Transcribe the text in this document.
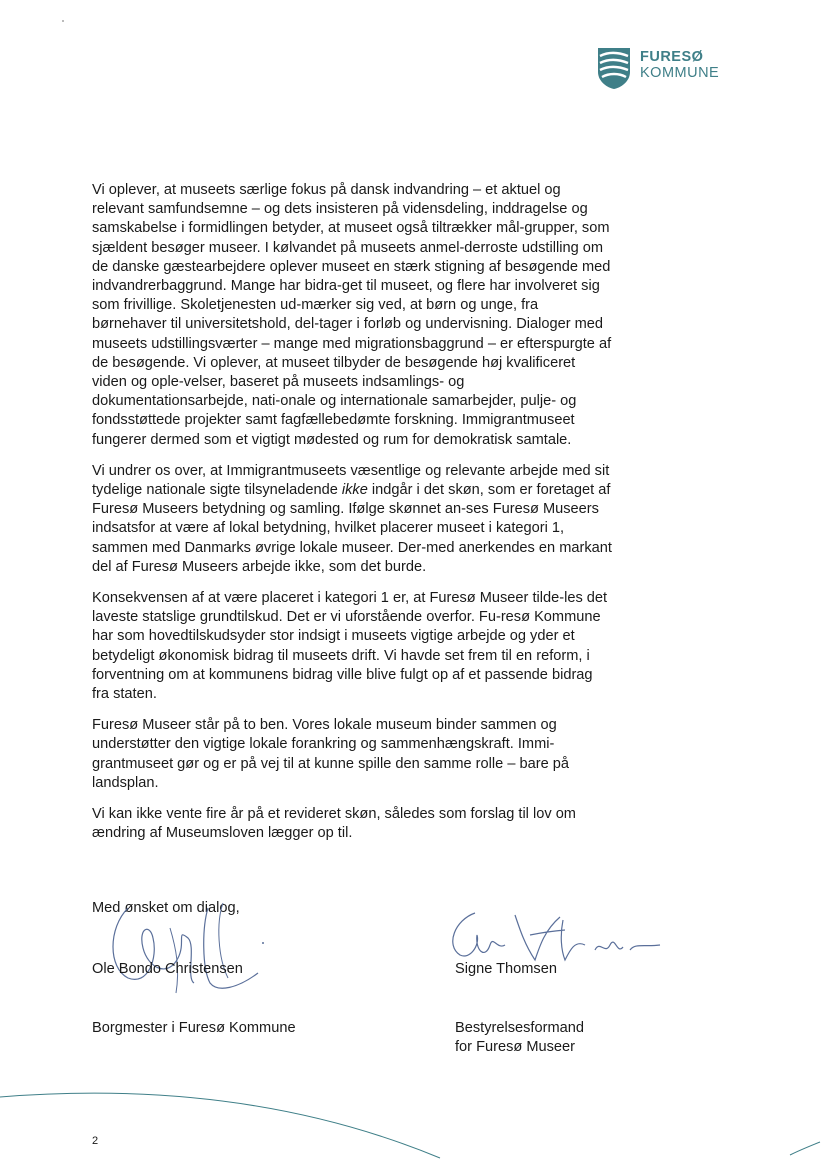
FURESØ
KOMMUNE

Vi oplever, at museets særlige fokus på dansk indvandring – et aktuel og relevant samfundsemne – og dets insisteren på vidensdeling, inddragelse og samskabelse i formidlingen betyder, at museet også tiltrækker mål-grupper, som sjældent besøger museer. I kølvandet på museets anmel-derroste udstilling om de danske gæstearbejdere oplever museet en stærk stigning af besøgende med indvandrerbaggrund. Mange har bidra-get til museet, og flere har involveret sig som frivillige. Skoletjenesten ud-mærker sig ved, at børn og unge, fra børnehaver til universitetshold, del-tager i forløb og undervisning. Dialoger med museets udstillingsværter – mange med migrationsbaggrund – er efterspurgte af de besøgende. Vi oplever, at museet tilbyder de besøgende høj kvalificeret viden og ople-velser, baseret på museets indsamlings- og dokumentationsarbejde, nati-onale og internationale samarbejder, pulje- og fondsstøttede projekter samt fagfællebedømte forskning. Immigrantmuseet fungerer dermed som et vigtigt mødested og rum for demokratisk samtale.

Vi undrer os over, at Immigrantmuseets væsentlige og relevante arbejde med sit tydelige nationale sigte tilsyneladende ikke indgår i det skøn, som er foretaget af Furesø Museers betydning og samling. Ifølge skønnet an-ses Furesø Museers indsatsfor at være af lokal betydning, hvilket placerer museet i kategori 1, sammen med Danmarks øvrige lokale museer. Der-med anerkendes en markant del af Furesø Museers arbejde ikke, som det burde.

Konsekvensen af at være placeret i kategori 1 er, at Furesø Museer tilde-les det laveste statslige grundtilskud. Det er vi uforstående overfor. Fu-resø Kommune har som hovedtilskudsyder stor indsigt i museets vigtige arbejde og yder et betydeligt økonomisk bidrag til museets drift. Vi havde set frem til en reform, i forventning om at kommunens bidrag ville blive fulgt op af et passende bidrag fra staten.

Furesø Museer står på to ben. Vores lokale museum binder sammen og understøtter den vigtige lokale forankring og sammenhængskraft. Immi-grantmuseet gør og er på vej til at kunne spille den samme rolle – bare på landsplan.

Vi kan ikke vente fire år på et revideret skøn, således som forslag til lov om ændring af Museumsloven lægger op til.

Med ønsket om dialog,
Ole Bondo Christensen	Signe Thomsen
Borgmester i Furesø Kommune	Bestyrelsesformand
for Furesø Museer
2
